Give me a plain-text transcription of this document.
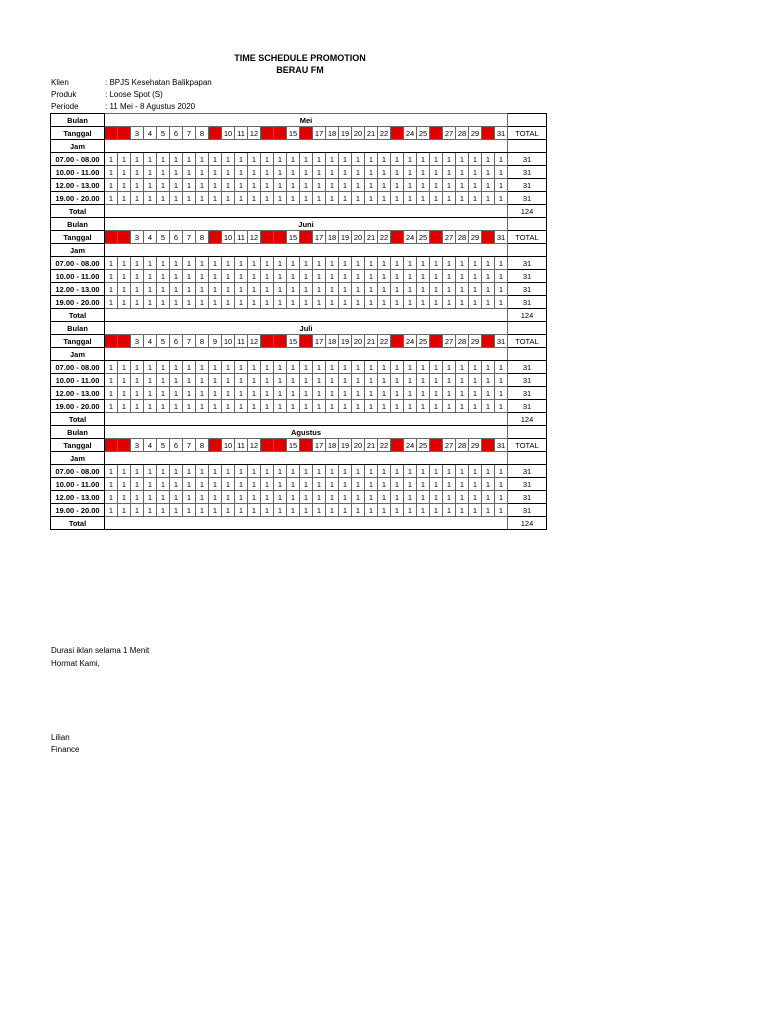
TIME SCHEDULE PROMOTION
BERAU FM
Klien	: BPJS Kesehatan Balikpapan
Produk	: Loose Spot (S)
Periode	: 11 Mei - 8 Agustus 2020
Bulan	Mei																															
Tanggal	1	2	3	4	5	6	7	8	9	10	11	12	13	14	15	16	17	18	19	20	21	22	23	24	25	26	27	28	29	30	31	TOTAL
Jam																																
07.00 - 08.00	1	1	1	1	1	1	1	1	1	1	1	1	1	1	1	1	1	1	1	1	1	1	1	1	1	1	1	1	1	1	1	31
10.00 - 11.00	1	1	1	1	1	1	1	1	1	1	1	1	1	1	1	1	1	1	1	1	1	1	1	1	1	1	1	1	1	1	1	31
12.00 - 13.00	1	1	1	1	1	1	1	1	1	1	1	1	1	1	1	1	1	1	1	1	1	1	1	1	1	1	1	1	1	1	1	31
19.00 - 20.00	1	1	1	1	1	1	1	1	1	1	1	1	1	1	1	1	1	1	1	1	1	1	1	1	1	1	1	1	1	1	1	31
Total																																124
Bulan	Juni																															
Tanggal	1	2	3	4	5	6	7	8	9	10	11	12	13	14	15	16	17	18	19	20	21	22	23	24	25	26	27	28	29	30	31	TOTAL
Jam																																
07.00 - 08.00	1	1	1	1	1	1	1	1	1	1	1	1	1	1	1	1	1	1	1	1	1	1	1	1	1	1	1	1	1	1	1	31
10.00 - 11.00	1	1	1	1	1	1	1	1	1	1	1	1	1	1	1	1	1	1	1	1	1	1	1	1	1	1	1	1	1	1	1	31
12.00 - 13.00	1	1	1	1	1	1	1	1	1	1	1	1	1	1	1	1	1	1	1	1	1	1	1	1	1	1	1	1	1	1	1	31
19.00 - 20.00	1	1	1	1	1	1	1	1	1	1	1	1	1	1	1	1	1	1	1	1	1	1	1	1	1	1	1	1	1	1	1	31
Total																																124
Bulan	Juli																															
Tanggal	1	2	3	4	5	6	7	8	9	10	11	12	13	14	15	16	17	18	19	20	21	22	23	24	25	26	27	28	29	30	31	TOTAL
Jam																																
07.00 - 08.00	1	1	1	1	1	1	1	1	1	1	1	1	1	1	1	1	1	1	1	1	1	1	1	1	1	1	1	1	1	1	1	31
10.00 - 11.00	1	1	1	1	1	1	1	1	1	1	1	1	1	1	1	1	1	1	1	1	1	1	1	1	1	1	1	1	1	1	1	31
12.00 - 13.00	1	1	1	1	1	1	1	1	1	1	1	1	1	1	1	1	1	1	1	1	1	1	1	1	1	1	1	1	1	1	1	31
19.00 - 20.00	1	1	1	1	1	1	1	1	1	1	1	1	1	1	1	1	1	1	1	1	1	1	1	1	1	1	1	1	1	1	1	31
Total																																124
Bulan	Agustus																															
Tanggal	1	2	3	4	5	6	7	8	9	10	11	12	13	14	15	16	17	18	19	20	21	22	23	24	25	26	27	28	29	30	31	TOTAL
Jam																																
07.00 - 08.00	1	1	1	1	1	1	1	1	1	1	1	1	1	1	1	1	1	1	1	1	1	1	1	1	1	1	1	1	1	1	1	31
10.00 - 11.00	1	1	1	1	1	1	1	1	1	1	1	1	1	1	1	1	1	1	1	1	1	1	1	1	1	1	1	1	1	1	1	31
12.00 - 13.00	1	1	1	1	1	1	1	1	1	1	1	1	1	1	1	1	1	1	1	1	1	1	1	1	1	1	1	1	1	1	1	31
19.00 - 20.00	1	1	1	1	1	1	1	1	1	1	1	1	1	1	1	1	1	1	1	1	1	1	1	1	1	1	1	1	1	1	1	31
Total																																124
Durasi iklan selama 1 Menit
Hormat Kami,
Lilian
Finance
